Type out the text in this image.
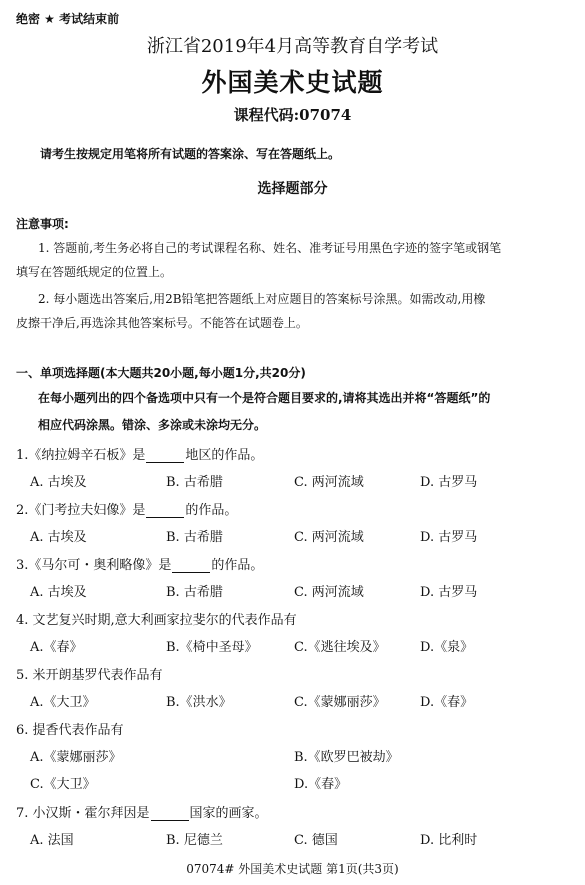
绝密 ★ 考试结束前
浙江省2019年4月高等教育自学考试
外国美术史试题
课程代码:07074
请考生按规定用笔将所有试题的答案涂、写在答题纸上。
选择题部分
注意事项:
1. 答题前,考生务必将自己的考试课程名称、姓名、准考证号用黑色字迹的签字笔或钢笔
填写在答题纸规定的位置上。
2. 每小题选出答案后,用2B铅笔把答题纸上对应题目的答案标号涂黑。如需改动,用橡
皮擦干净后,再选涂其他答案标号。不能答在试题卷上。
一、单项选择题(本大题共20小题,每小题1分,共20分)
在每小题列出的四个备选项中只有一个是符合题目要求的,请将其选出并将“答题纸”的
相应代码涂黑。错涂、多涂或未涂均无分。
1.《纳拉姆辛石板》是	地区的作品。
A. 古埃及	B. 古希腊	C. 两河流域	D. 古罗马
2.《门考拉夫妇像》是	的作品。
A. 古埃及	B. 古希腊	C. 两河流域	D. 古罗马
3.《马尔可・奥利略像》是	的作品。
A. 古埃及	B. 古希腊	C. 两河流域	D. 古罗马
4. 文艺复兴时期,意大利画家拉斐尔的代表作品有
A.《春》	B.《椅中圣母》	C.《逃往埃及》	D.《泉》
5. 米开朗基罗代表作品有
A.《大卫》	B.《洪水》	C.《蒙娜丽莎》	D.《春》
6. 提香代表作品有
A.《蒙娜丽莎》	B.《欧罗巴被劫》
C.《大卫》	D.《春》
7. 小汉斯・霍尔拜因是	国家的画家。
A. 法国	B. 尼德兰	C. 德国	D. 比利时
07074# 外国美术史试题 第1页(共3页)
